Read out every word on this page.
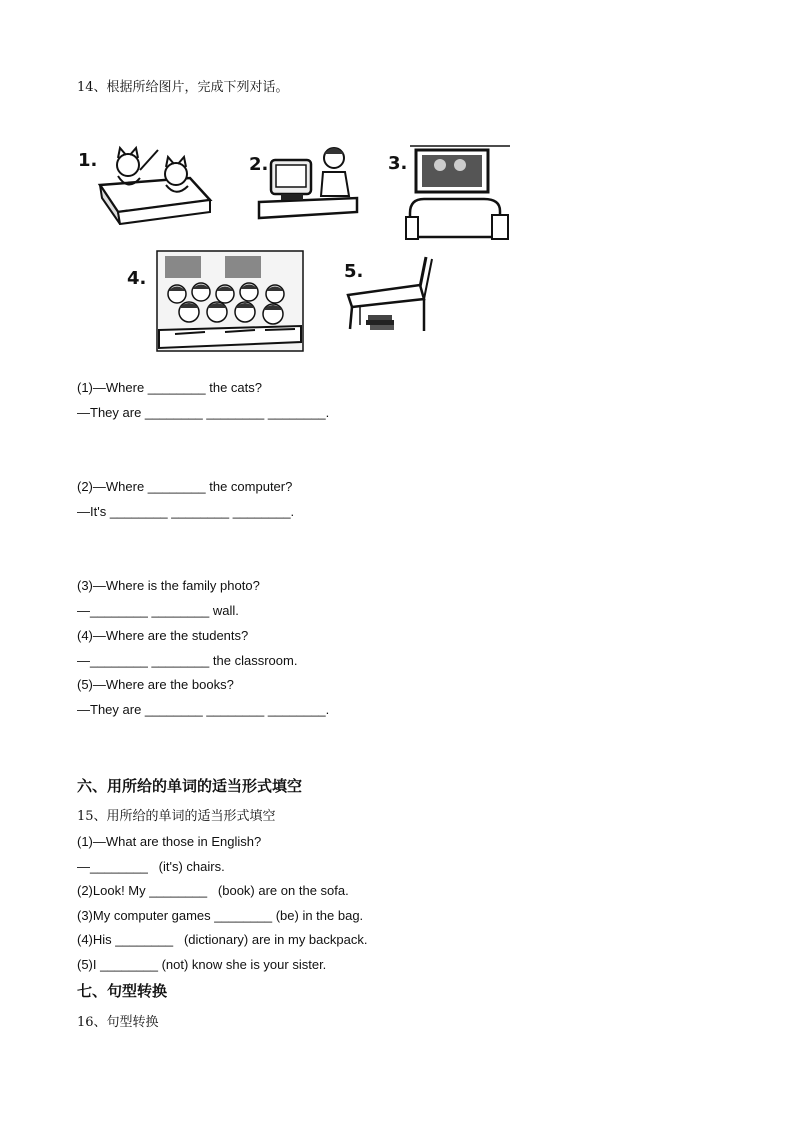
14、根据所给图片，完成下列对话。
1.	2.	3.
4.	5.
(1)—Where ________ the cats?
—They are ________ ________ ________.
(2)—Where ________ the computer?
—It's ________ ________ ________.
(3)—Where is the family photo?
—________ ________ wall.
(4)—Where are the students?
—________ ________ the classroom.
(5)—Where are the books?
—They are ________ ________ ________.
六、用所给的单词的适当形式填空
15、用所给的单词的适当形式填空
(1)—What are those in English?
—________   (it's) chairs.
(2)Look! My ________   (book) are on the sofa.
(3)My computer games ________ (be) in the bag.
(4)His ________   (dictionary) are in my backpack.
(5)I ________ (not) know she is your sister.
七、句型转换
16、句型转换
